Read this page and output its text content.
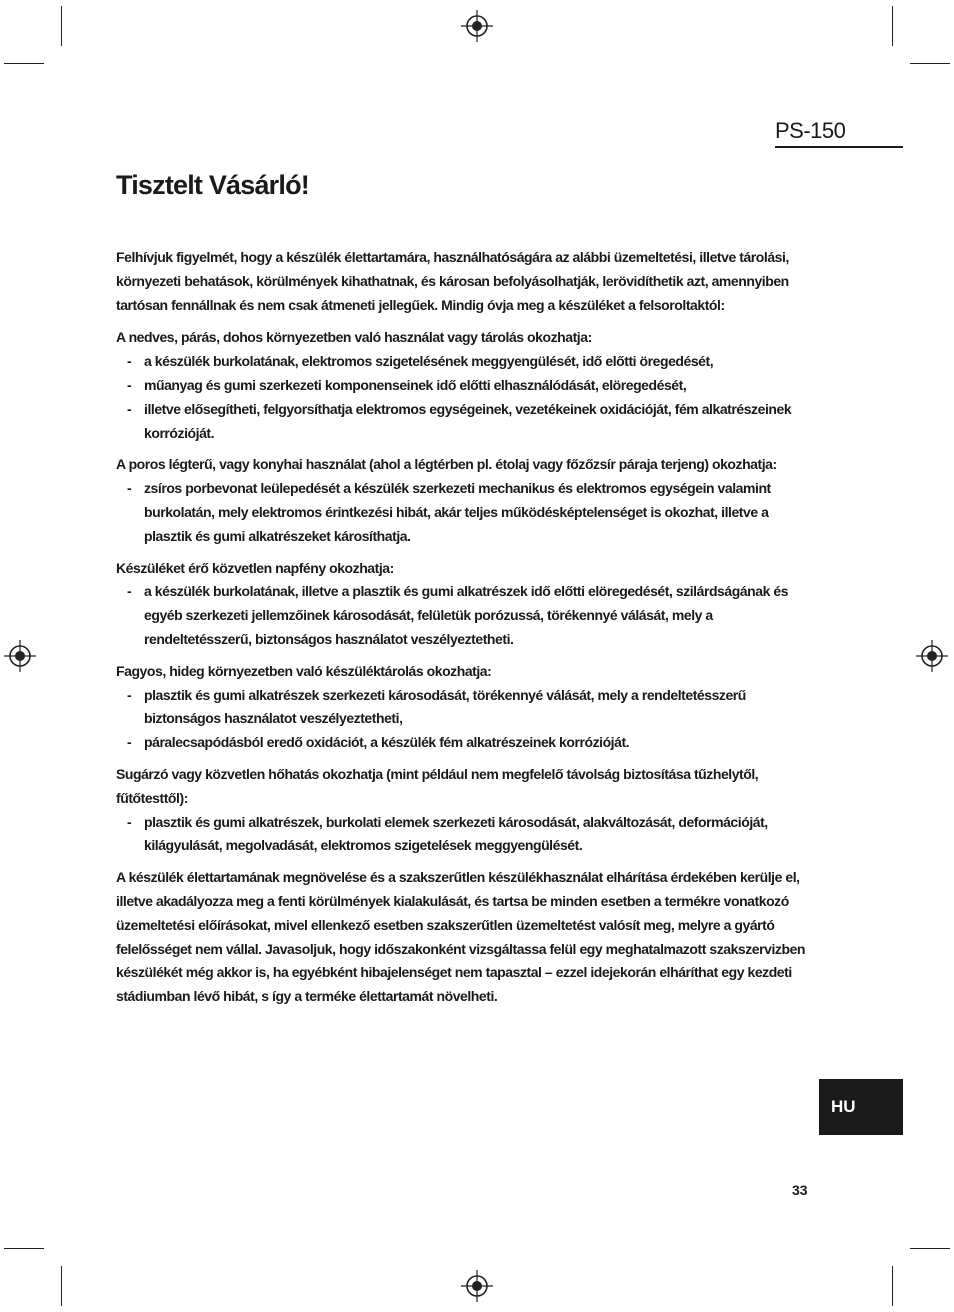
PS-150
Tisztelt Vásárló!

Felhívjuk figyelmét, hogy a készülék élettartamára, használhatóságára az alábbi üzemeltetési, illetve tárolási, környezeti behatások, körülmények kihathatnak, és károsan befolyásolhatják, lerövidíthetik azt, amennyiben tartósan fennállnak és nem csak átmeneti jellegűek. Mindig óvja meg a készüléket a felsoroltaktól:

A nedves, párás, dohos környezetben való használat vagy tárolás okozhatja:

- a készülék burkolatának, elektromos szigetelésének meggyengülését, idő előtti öregedését,
- műanyag és gumi szerkezeti komponenseinek idő előtti elhasználódását, elöregedését,
- illetve elősegítheti, felgyorsíthatja elektromos egységeinek, vezetékeinek oxidációját, fém alkatrészeinek korrózióját.

A poros légterű, vagy konyhai használat (ahol a légtérben pl. étolaj vagy főzőzsír páraja terjeng) okozhatja:

- zsíros porbevonat leülepedését a készülék szerkezeti mechanikus és elektromos egységein valamint burkolatán, mely elektromos érintkezési hibát, akár teljes működésképtelenséget is okozhat, illetve a plasztik és gumi alkatrészeket károsíthatja.

Készüléket érő közvetlen napfény okozhatja:

- a készülék burkolatának, illetve a plasztik és gumi alkatrészek idő előtti elöregedését, szilárdságának és egyéb szerkezeti jellemzőinek károsodását, felületük porózussá, törékennyé válását, mely a rendeltetésszerű, biztonságos használatot veszélyeztetheti.

Fagyos, hideg környezetben való készüléktárolás okozhatja:

- plasztik és gumi alkatrészek szerkezeti károsodását, törékennyé válását, mely a rendeltetésszerű biztonságos használatot veszélyeztetheti,
- páralecsapódásból eredő oxidációt, a készülék fém alkatrészeinek korrózióját.

Sugárzó vagy közvetlen hőhatás okozhatja (mint például nem megfelelő távolság biztosítása tűzhelytől, fűtőtesttől):

- plasztik és gumi alkatrészek, burkolati elemek szerkezeti károsodását, alakváltozását, deformációját, kilágyulását, megolvadását, elektromos szigetelések meggyengülését.

A készülék élettartamának megnövelése és a szakszerűtlen készülékhasználat elhárítása érdekében kerülje el, illetve akadályozza meg a fenti körülmények kialakulását, és tartsa be minden esetben a termékre vonatkozó üzemeltetési előírásokat, mivel ellenkező esetben szakszerűtlen üzemeltetést valósít meg, melyre a gyártó felelősséget nem vállal. Javasoljuk, hogy időszakonként vizsgáltassa felül egy meghatalmazott szakszervizben készülékét még akkor is, ha egyébként hibajelenséget nem tapasztal – ezzel idejekorán elháríthat egy kezdeti stádiumban lévő hibát, s így a terméke élettartamát növelheti.

HU
33
